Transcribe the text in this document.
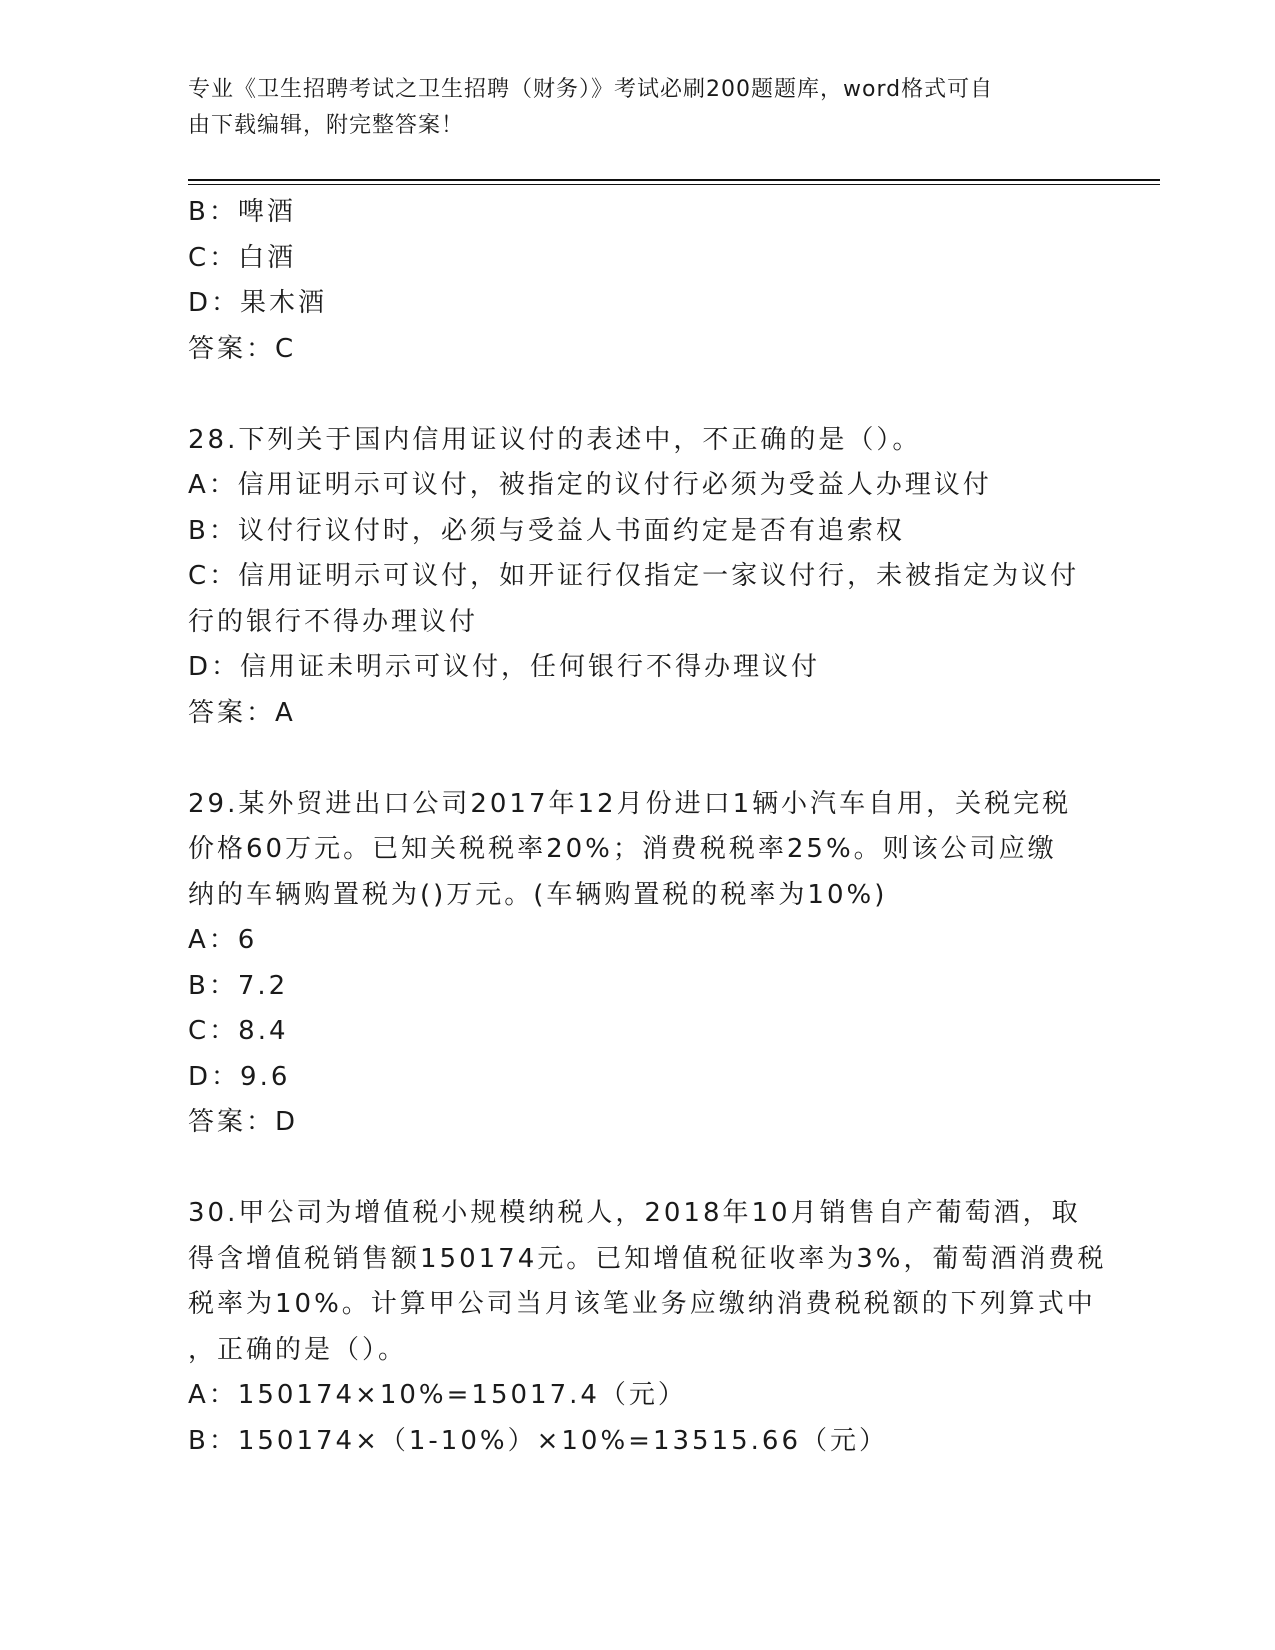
专业《卫生招聘考试之卫生招聘（财务）》考试必刷200题题库，word格式可自
由下载编辑，附完整答案！
B：啤酒
C：白酒
D：果木酒
答案：C
28.下列关于国内信用证议付的表述中，不正确的是（）。
A：信用证明示可议付，被指定的议付行必须为受益人办理议付
B：议付行议付时，必须与受益人书面约定是否有追索权
C：信用证明示可议付，如开证行仅指定一家议付行，未被指定为议付
行的银行不得办理议付
D：信用证未明示可议付，任何银行不得办理议付
答案：A
29.某外贸进出口公司2017年12月份进口1辆小汽车自用，关税完税
价格60万元。已知关税税率20%；消费税税率25%。则该公司应缴
纳的车辆购置税为()万元。(车辆购置税的税率为10%)
A：6
B：7.2
C：8.4
D：9.6
答案：D
30.甲公司为增值税小规模纳税人，2018年10月销售自产葡萄酒，取
得含增值税销售额150174元。已知增值税征收率为3%，葡萄酒消费税
税率为10%。计算甲公司当月该笔业务应缴纳消费税税额的下列算式中
，正确的是（）。
A：150174×10%=15017.4（元）
B：150174×（1-10%）×10%=13515.66（元）
